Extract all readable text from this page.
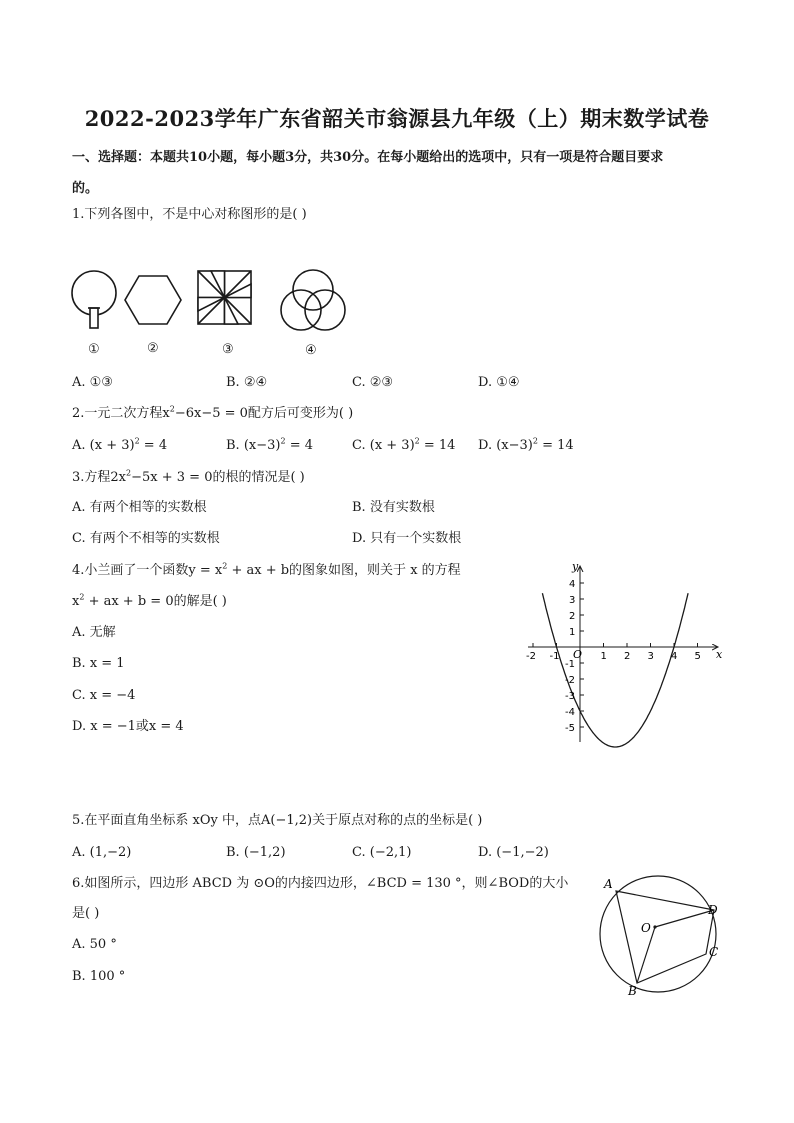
2022-2023学年广东省韶关市翁源县九年级（上）期末数学试卷
一、选择题：本题共10小题，每小题3分，共30分。在每小题给出的选项中，只有一项是符合题目要求
的。
1.下列各图中，不是中心对称图形的是( )
①	②	③	④
A. ①③	B. ②④	C. ②③	D. ①④
2.一元二次方程$x^2-6x-5 = 0$配方后可变形为( )
A. $(x + 3)^2 = 4$	B. $(x-3)^2 = 4$	C. $(x + 3)^2 = 14$ D. $(x-3)^2 = 14$
3.方程$2x^2-5x + 3 = 0$的根的情况是( )
A. 有两个相等的实数根	B. 没有实数根
C. 有两个不相等的实数根	D. 只有一个实数根
4.小兰画了一个函数$y = x^2$ + ax + b的图象如图，则关于 x 的方程
$x^2$ + ax + b = 0的解是( )
A. 无解
B. x = 1
C. x = −4
D. x = −1或x = 4
x
y
O
-2 -1	1 2 3 4 5
4
3
2
1
-1
-2
-3
-4
-5
5.在平面直角坐标系 xOy 中，点A(−1,2)关于原点对称的点的坐标是( )
A. (1,−2)	B. (−1,2)	C. (−2,1)	D. (−1,−2)
6.如图所示，四边形 ABCD 为 ⊙O的内接四边形，∠BCD = 130 °，则∠BOD的大小
是( )
A. 50 °
B. 100 °
A
O
D
C
B
